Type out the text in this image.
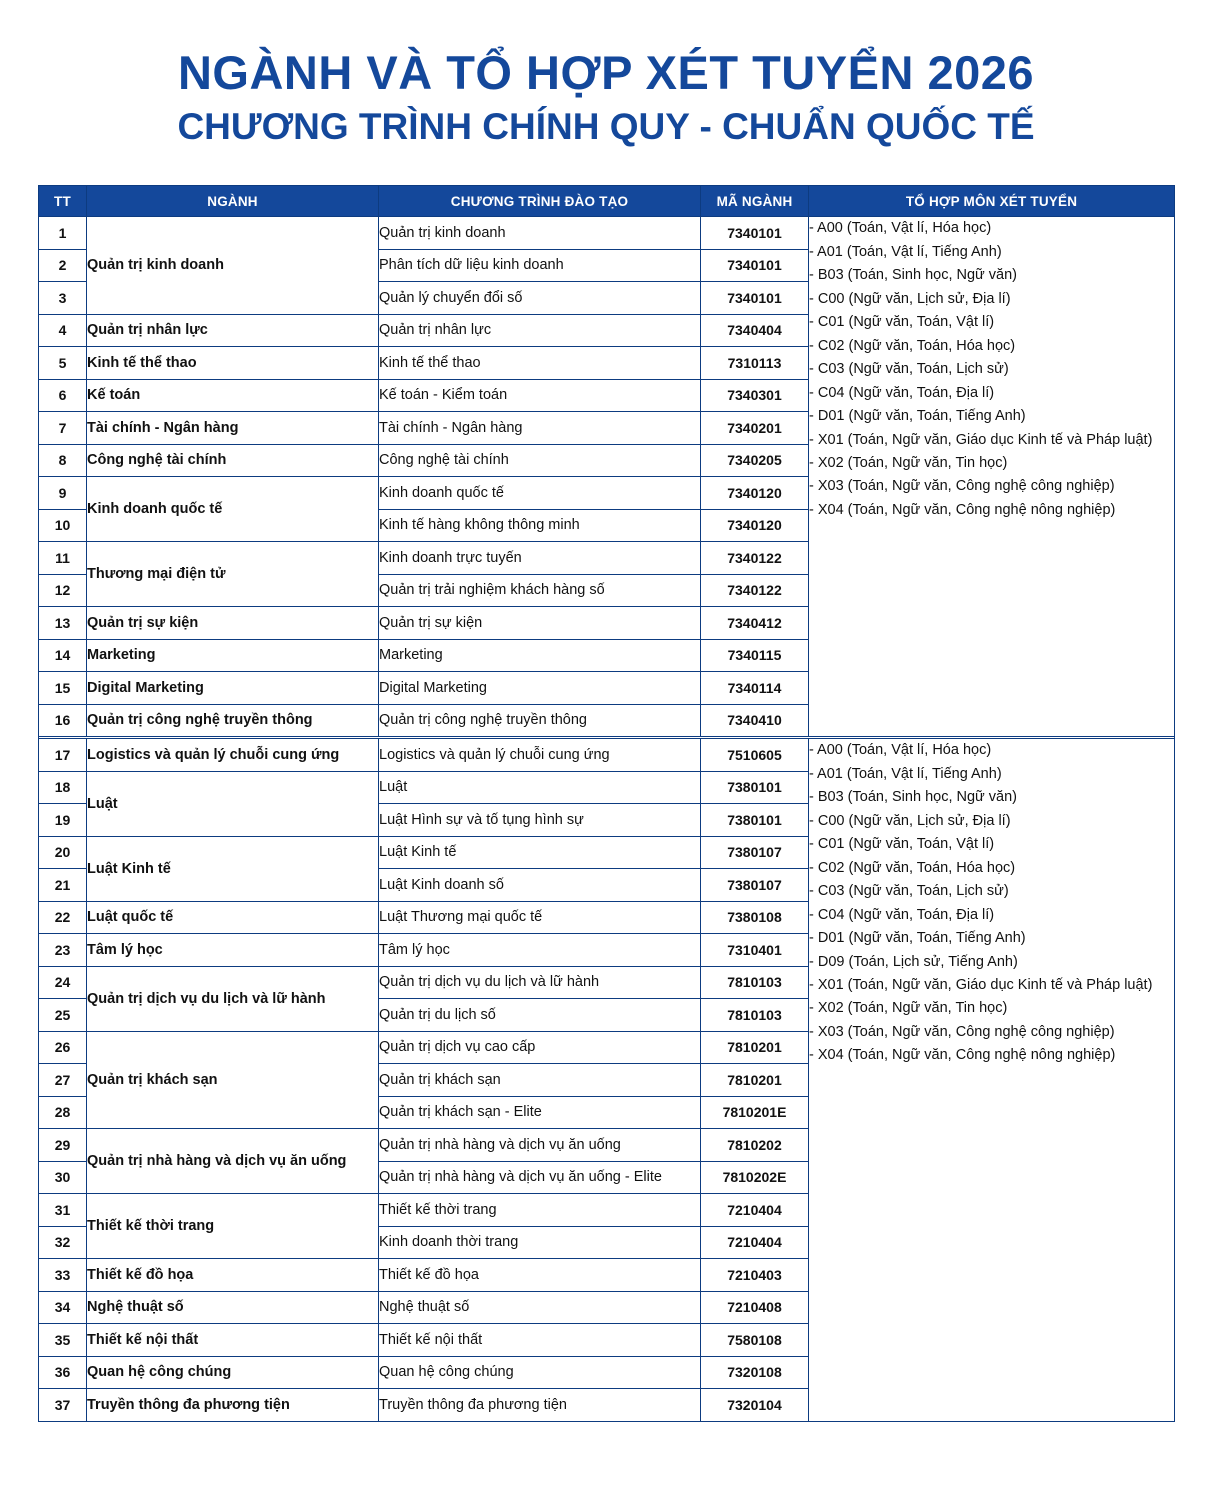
NGÀNH VÀ TỔ HỢP XÉT TUYỂN 2026
CHƯƠNG TRÌNH CHÍNH QUY - CHUẨN QUỐC TẾ
TT	NGÀNH	CHƯƠNG TRÌNH ĐÀO TẠO	MÃ NGÀNH	TỔ HỢP MÔN XÉT TUYỂN
1	Quản trị kinh doanh	Quản trị kinh doanh	7340101	- A00 (Toán, Vật lí, Hóa học)
- A01 (Toán, Vật lí, Tiếng Anh)
- B03 (Toán, Sinh học, Ngữ văn)
- C00 (Ngữ văn, Lịch sử, Địa lí)
- C01 (Ngữ văn, Toán, Vật lí)
- C02 (Ngữ văn, Toán, Hóa học)
- C03 (Ngữ văn, Toán, Lịch sử)
- C04 (Ngữ văn, Toán, Địa lí)
- D01 (Ngữ văn, Toán, Tiếng Anh)
- X01 (Toán, Ngữ văn, Giáo dục Kinh tế và Pháp luật)
- X02 (Toán, Ngữ văn, Tin học)
- X03 (Toán, Ngữ văn, Công nghệ công nghiệp)
- X04 (Toán, Ngữ văn, Công nghệ nông nghiệp)

2		Phân tích dữ liệu kinh doanh	7340101	
3		Quản lý chuyển đổi số	7340101	
4	Quản trị nhân lực	Quản trị nhân lực	7340404	
5	Kinh tế thể thao	Kinh tế thể thao	7310113	
6	Kế toán	Kế toán - Kiểm toán	7340301	
7	Tài chính - Ngân hàng	Tài chính - Ngân hàng	7340201	
8	Công nghệ tài chính	Công nghệ tài chính	7340205	
9	Kinh doanh quốc tế	Kinh doanh quốc tế	7340120	
10		Kinh tế hàng không thông minh	7340120	
11	Thương mại điện tử	Kinh doanh trực tuyến	7340122	
12		Quản trị trải nghiệm khách hàng số	7340122	
13	Quản trị sự kiện	Quản trị sự kiện	7340412	
14	Marketing	Marketing	7340115	
15	Digital Marketing	Digital Marketing	7340114	
16	Quản trị công nghệ truyền thông	Quản trị công nghệ truyền thông	7340410	

17	Logistics và quản lý chuỗi cung ứng	Logistics và quản lý chuỗi cung ứng	7510605	- A00 (Toán, Vật lí, Hóa học)
- A01 (Toán, Vật lí, Tiếng Anh)
- B03 (Toán, Sinh học, Ngữ văn)
- C00 (Ngữ văn, Lịch sử, Địa lí)
- C01 (Ngữ văn, Toán, Vật lí)
- C02 (Ngữ văn, Toán, Hóa học)
- C03 (Ngữ văn, Toán, Lịch sử)
- C04 (Ngữ văn, Toán, Địa lí)
- D01 (Ngữ văn, Toán, Tiếng Anh)
- D09 (Toán, Lịch sử, Tiếng Anh)
- X01 (Toán, Ngữ văn, Giáo dục Kinh tế và Pháp luật)
- X02 (Toán, Ngữ văn, Tin học)
- X03 (Toán, Ngữ văn, Công nghệ công nghiệp)
- X04 (Toán, Ngữ văn, Công nghệ nông nghiệp)

18	Luật	Luật	7380101	
19		Luật Hình sự và tố tụng hình sự	7380101	
20	Luật Kinh tế	Luật Kinh tế	7380107	
21		Luật Kinh doanh số	7380107	
22	Luật quốc tế	Luật Thương mại quốc tế	7380108	
23	Tâm lý học	Tâm lý học	7310401	
24	Quản trị dịch vụ du lịch và lữ hành	Quản trị dịch vụ du lịch và lữ hành	7810103	
25		Quản trị du lịch số	7810103	
26	Quản trị khách sạn	Quản trị dịch vụ cao cấp	7810201	
27		Quản trị khách sạn	7810201	
28		Quản trị khách sạn - Elite	7810201E	
29	Quản trị nhà hàng và dịch vụ ăn uống	Quản trị nhà hàng và dịch vụ ăn uống	7810202	
30		Quản trị nhà hàng và dịch vụ ăn uống - Elite	7810202E	
31	Thiết kế thời trang	Thiết kế thời trang	7210404	
32		Kinh doanh thời trang	7210404	
33	Thiết kế đồ họa	Thiết kế đồ họa	7210403	
34	Nghệ thuật số	Nghệ thuật số	7210408	
35	Thiết kế nội thất	Thiết kế nội thất	7580108	
36	Quan hệ công chúng	Quan hệ công chúng	7320108	
37	Truyền thông đa phương tiện	Truyền thông đa phương tiện	7320104	
